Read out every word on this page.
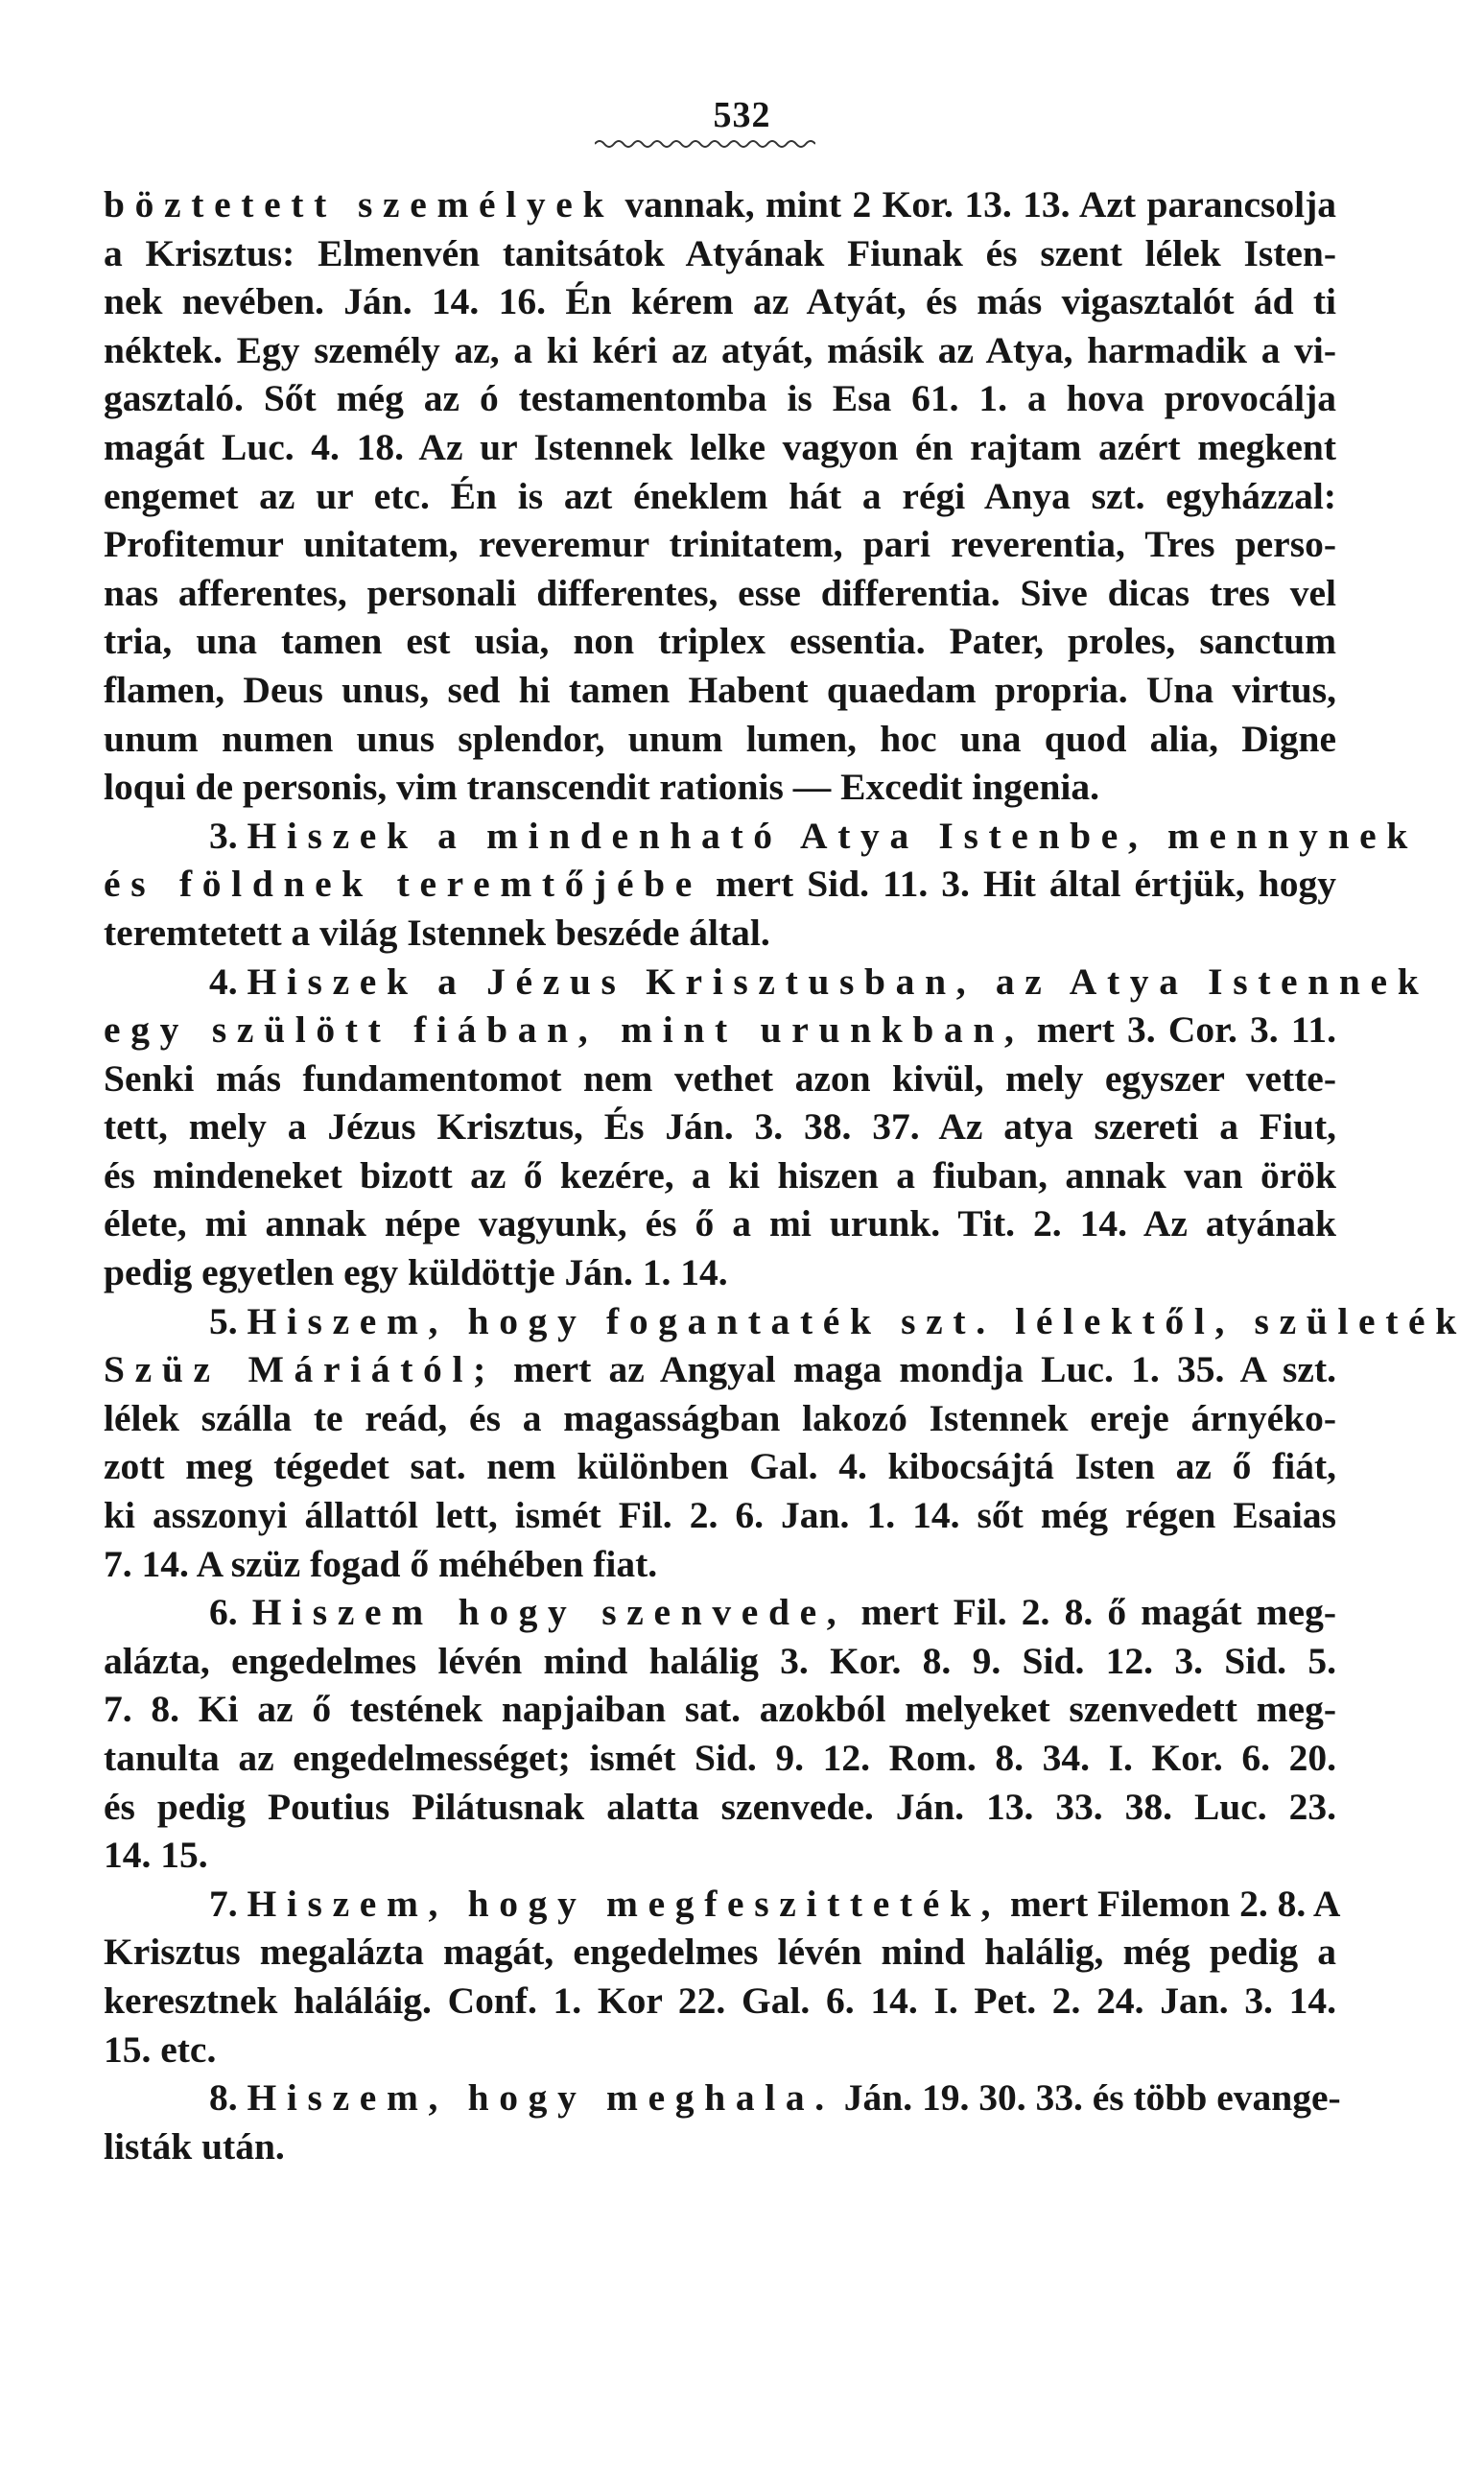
532
böztetett személyek vannak, mint 2 Kor. 13. 13. Azt parancsolja
a Krisztus: Elmenvén tanitsátok Atyának Fiunak és szent lélek Isten-
nek nevében. Ján. 14. 16. Én kérem az Atyát, és más vigasztalót ád ti
néktek. Egy személy az, a ki kéri az atyát, másik az Atya, harmadik a vi-
gasztaló. Sőt még az ó testamentomba is Esa 61. 1. a hova provocálja
magát Luc. 4. 18. Az ur Istennek lelke vagyon én rajtam azért megkent
engemet az ur etc. Én is azt éneklem hát a régi Anya szt. egyházzal:
Profitemur unitatem, reveremur trinitatem, pari reverentia, Tres perso-
nas afferentes, personali differentes, esse differentia. Sive dicas tres vel
tria, una tamen est usia, non triplex essentia. Pater, proles, sanctum
flamen, Deus unus, sed hi tamen Habent quaedam propria. Una virtus,
unum numen unus splendor, unum lumen, hoc una quod alia, Digne
loqui de personis, vim transcendit rationis — Excedit ingenia.
3. Hiszek a mindenható Atya Istenbe, mennynek
és földnek teremtőjébe mert Sid. 11. 3. Hit által értjük, hogy
teremtetett a világ Istennek beszéde által.
4. Hiszek a Jézus Krisztusban, az Atya Istennek
egy szülött fiában, mint urunkban, mert 3. Cor. 3. 11.
Senki más fundamentomot nem vethet azon kivül, mely egyszer vette-
tett, mely a Jézus Krisztus, És Ján. 3. 38. 37. Az atya szereti a Fiut,
és mindeneket bizott az ő kezére, a ki hiszen a fiuban, annak van örök
élete, mi annak népe vagyunk, és ő a mi urunk. Tit. 2. 14. Az atyának
pedig egyetlen egy küldöttje Ján. 1. 14.
5. Hiszem, hogy fogantaték szt. lélektől, születék
Szüz Máriától; mert az Angyal maga mondja Luc. 1. 35. A szt.
lélek szálla te reád, és a magasságban lakozó Istennek ereje árnyéko-
zott meg tégedet sat. nem különben Gal. 4. kibocsájtá Isten az ő fiát,
ki asszonyi állattól lett, ismét Fil. 2. 6. Jan. 1. 14. sőt még régen Esaias
7. 14. A szüz fogad ő méhében fiat.
6. Hiszem hogy szenvede, mert Fil. 2. 8. ő magát meg-
alázta, engedelmes lévén mind halálig 3. Kor. 8. 9. Sid. 12. 3. Sid. 5.
7. 8. Ki az ő testének napjaiban sat. azokból melyeket szenvedett meg-
tanulta az engedelmességet; ismét Sid. 9. 12. Rom. 8. 34. I. Kor. 6. 20.
és pedig Poutius Pilátusnak alatta szenvede. Ján. 13. 33. 38. Luc. 23.
14. 15.
7. Hiszem, hogy megfeszitteték, mert Filemon 2. 8. A
Krisztus megalázta magát, engedelmes lévén mind halálig, még pedig a
keresztnek haláláig. Conf. 1. Kor 22. Gal. 6. 14. I. Pet. 2. 24. Jan. 3. 14.
15. etc.
8. Hiszem, hogy meghala. Ján. 19. 30. 33. és több evange-
listák után.
